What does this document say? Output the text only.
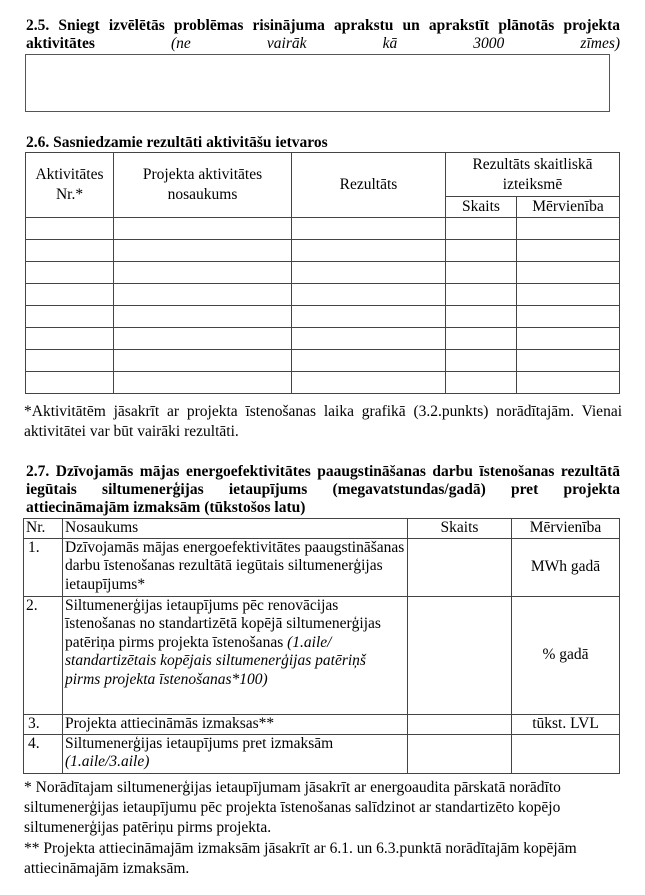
2.5. Sniegt izvēlētās problēmas risinājuma aprakstu un aprakstīt plānotās projekta aktivitātes	(ne vairāk kā 3000 zīmes)
2.6. Sasniedzamie rezultāti aktivitāšu ietvaros
Aktivitātes Nr.*	Projekta aktivitātes nosaukums	Rezultāts	Rezultāts skaitliskā izteiksmē	
			Skaits	Mērvienība

*Aktivitātēm jāsakrīt ar projekta īstenošanas laika grafikā (3.2.punkts) norādītajām. Vienai aktivitātei var būt vairāki rezultāti.
2.7. Dzīvojamās mājas energoefektivitātes paaugstināšanas darbu īstenošanas rezultātā iegūtais siltumenerģijas ietaupījums (megavatstundas/gadā) pret projekta attiecināmajām izmaksām (tūkstošos latu)
Nr.	Nosaukums	Skaits	Mērvienība
1.	Dzīvojamās mājas energoefektivitātes paaugstināšanas darbu īstenošanas rezultātā iegūtais siltumenerģijas ietaupījums*		MWh gadā
2.	Siltumenerģijas ietaupījums pēc renovācijas īstenošanas no standartizētā kopējā siltumenerģijas patēriņa pirms projekta īstenošanas (1.aile/ standartizētais kopējais siltumenerģijas patēriņš pirms projekta īstenošanas*100)		% gadā
3.	Projekta attiecināmās izmaksas**		tūkst. LVL
4.	Siltumenerģijas ietaupījums pret izmaksām
(1.aile/3.aile)		
* Norādītajam siltumenerģijas ietaupījumam jāsakrīt ar energoaudita pārskatā norādīto siltumenerģijas ietaupījumu pēc projekta īstenošanas salīdzinot ar standartizēto kopējo siltumenerģijas patēriņu pirms projekta.
** Projekta attiecināmajām izmaksām jāsakrīt ar 6.1. un 6.3.punktā norādītajām kopējām attiecināmajām izmaksām.
